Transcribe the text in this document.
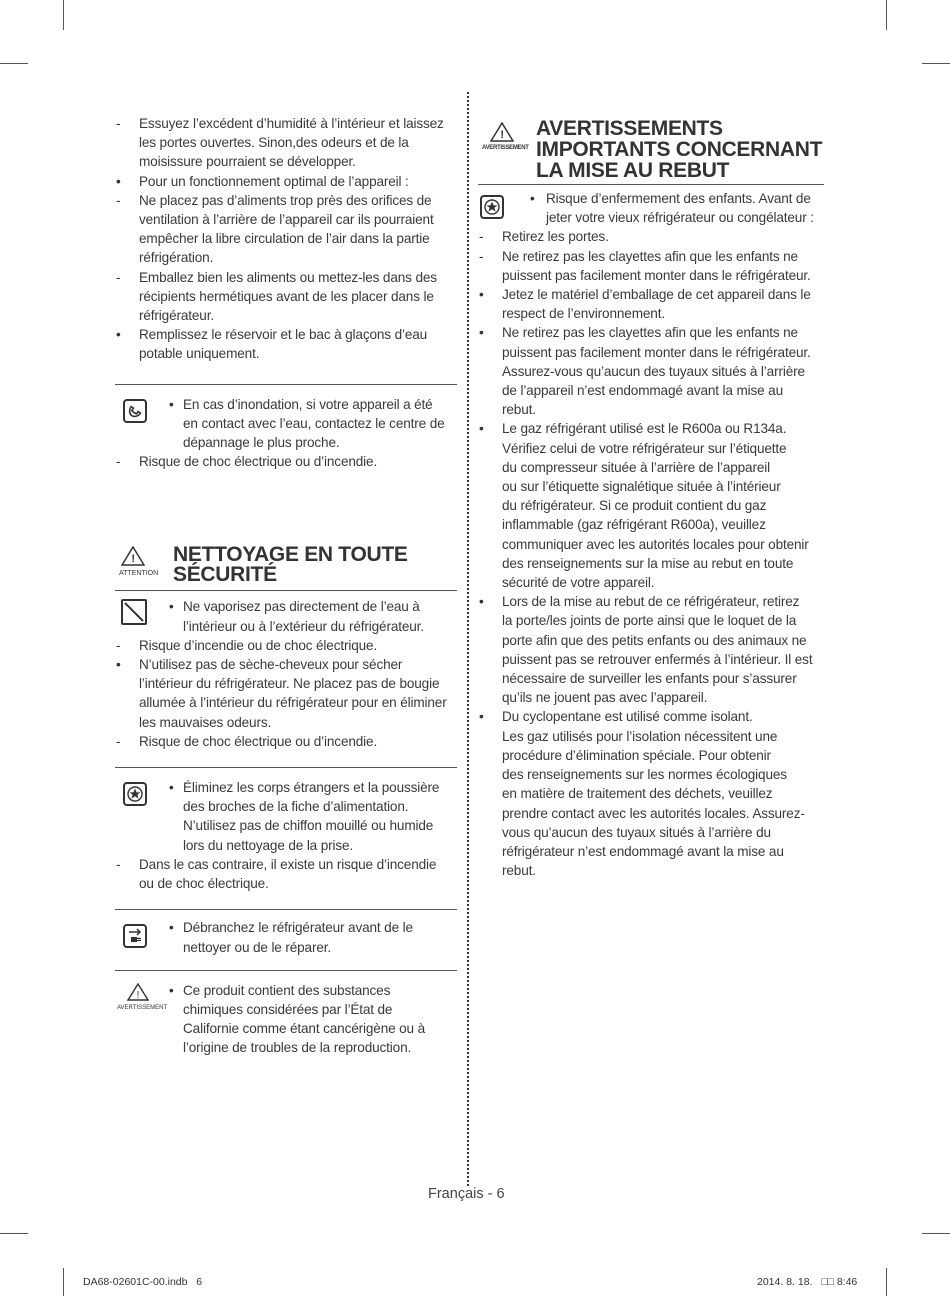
-	Essuyez l’excédent d’humidité à l’intérieur et laissez
les portes ouvertes. Sinon,des odeurs et de la
moisissure pourraient se développer.
•	Pour un fonctionnement optimal de l’appareil :
-	Ne placez pas d’aliments trop près des orifices de
ventilation à l’arrière de l’appareil car ils pourraient
empêcher la libre circulation de l’air dans la partie
réfrigération.
-	Emballez bien les aliments ou mettez-les dans des
récipients hermétiques avant de les placer dans le
réfrigérateur.
•	Remplissez le réservoir et le bac à glaçons d’eau
potable uniquement.
• En cas d’inondation, si votre appareil a été
en contact avec l’eau, contactez le centre de
dépannage le plus proche.
-	Risque de choc électrique ou d’incendie.
!
ATTENTION
NETTOYAGE EN TOUTE
SÉCURITÉ
• Ne vaporisez pas directement de l’eau à
l’intérieur ou à l’extérieur du réfrigérateur.
-	Risque d’incendie ou de choc électrique.
•	N’utilisez pas de sèche-cheveux pour sécher
l’intérieur du réfrigérateur. Ne placez pas de bougie
allumée à l’intérieur du réfrigérateur pour en éliminer
les mauvaises odeurs.
-	Risque de choc électrique ou d’incendie.
• Éliminez les corps étrangers et la poussière
des broches de la fiche d’alimentation.
N’utilisez pas de chiffon mouillé ou humide
lors du nettoyage de la prise.
-	Dans le cas contraire, il existe un risque d’incendie
ou de choc électrique.
• Débranchez le réfrigérateur avant de le
nettoyer ou de le réparer.
!
AVERTISSEMENT
• Ce produit contient des substances
chimiques considérées par l’État de
Californie comme étant cancérigène ou à
l’origine de troubles de la reproduction.
!
AVERTISSEMENT
AVERTISSEMENTS
IMPORTANTS CONCERNANT
LA MISE AU REBUT
• Risque d’enfermement des enfants. Avant de
jeter votre vieux réfrigérateur ou congélateur :
-	Retirez les portes.
-	Ne retirez pas les clayettes afin que les enfants ne
puissent pas facilement monter dans le réfrigérateur.
•	Jetez le matériel d’emballage de cet appareil dans le
respect de l’environnement.
•	Ne retirez pas les clayettes afin que les enfants ne
puissent pas facilement monter dans le réfrigérateur.
Assurez-vous qu’aucun des tuyaux situés à l’arrière
de l’appareil n’est endommagé avant la mise au
rebut.
•	Le gaz réfrigérant utilisé est le R600a ou R134a.
Vérifiez celui de votre réfrigérateur sur l’étiquette
du compresseur située à l’arrière de l’appareil
ou sur l’étiquette signalétique située à l’intérieur
du réfrigérateur. Si ce produit contient du gaz
inflammable (gaz réfrigérant R600a), veuillez
communiquer avec les autorités locales pour obtenir
des renseignements sur la mise au rebut en toute
sécurité de votre appareil.
•	Lors de la mise au rebut de ce réfrigérateur, retirez
la porte/les joints de porte ainsi que le loquet de la
porte afin que des petits enfants ou des animaux ne
puissent pas se retrouver enfermés à l’intérieur. Il est
nécessaire de surveiller les enfants pour s’assurer
qu’ils ne jouent pas avec l’appareil.
•	Du cyclopentane est utilisé comme isolant.
Les gaz utilisés pour l’isolation nécessitent une
procédure d’élimination spéciale. Pour obtenir
des renseignements sur les normes écologiques
en matière de traitement des déchets, veuillez
prendre contact avec les autorités locales. Assurez-
vous qu’aucun des tuyaux situés à l’arrière du
réfrigérateur n’est endommagé avant la mise au
rebut.
Français - 6
DA68-02601C-00.indb   6	2014. 8. 18.   □□ 8:46
